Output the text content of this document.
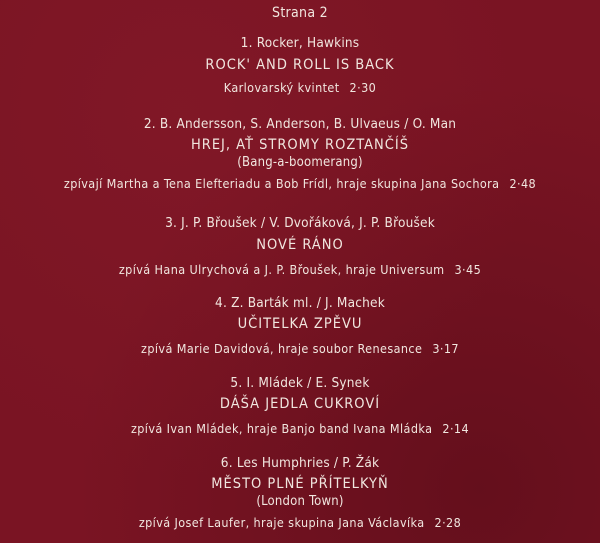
Strana 2
1. Rocker, Hawkins
ROCK' AND ROLL IS BACK
Karlovarský kvintet 2·30
2. B. Andersson, S. Anderson, B. Ulvaeus / O. Man
HREJ, AŤ STROMY ROZTANČÍŠ
(Bang-a-boomerang)
zpívají Martha a Tena Elefteriadu a Bob Frídl, hraje skupina Jana Sochora 2·48
3. J. P. Břoušek / V. Dvořáková, J. P. Břoušek
NOVÉ RÁNO
zpívá Hana Ulrychová a J. P. Břoušek, hraje Universum 3·45
4. Z. Barták ml. / J. Machek
UČITELKA ZPĚVU
zpívá Marie Davidová, hraje soubor Renesance 3·17
5. I. Mládek / E. Synek
DÁŠA JEDLA CUKROVÍ
zpívá Ivan Mládek, hraje Banjo band Ivana Mládka 2·14
6. Les Humphries / P. Žák
MĚSTO PLNÉ PŘÍTELKYŇ
(London Town)
zpívá Josef Laufer, hraje skupina Jana Václavíka 2·28
